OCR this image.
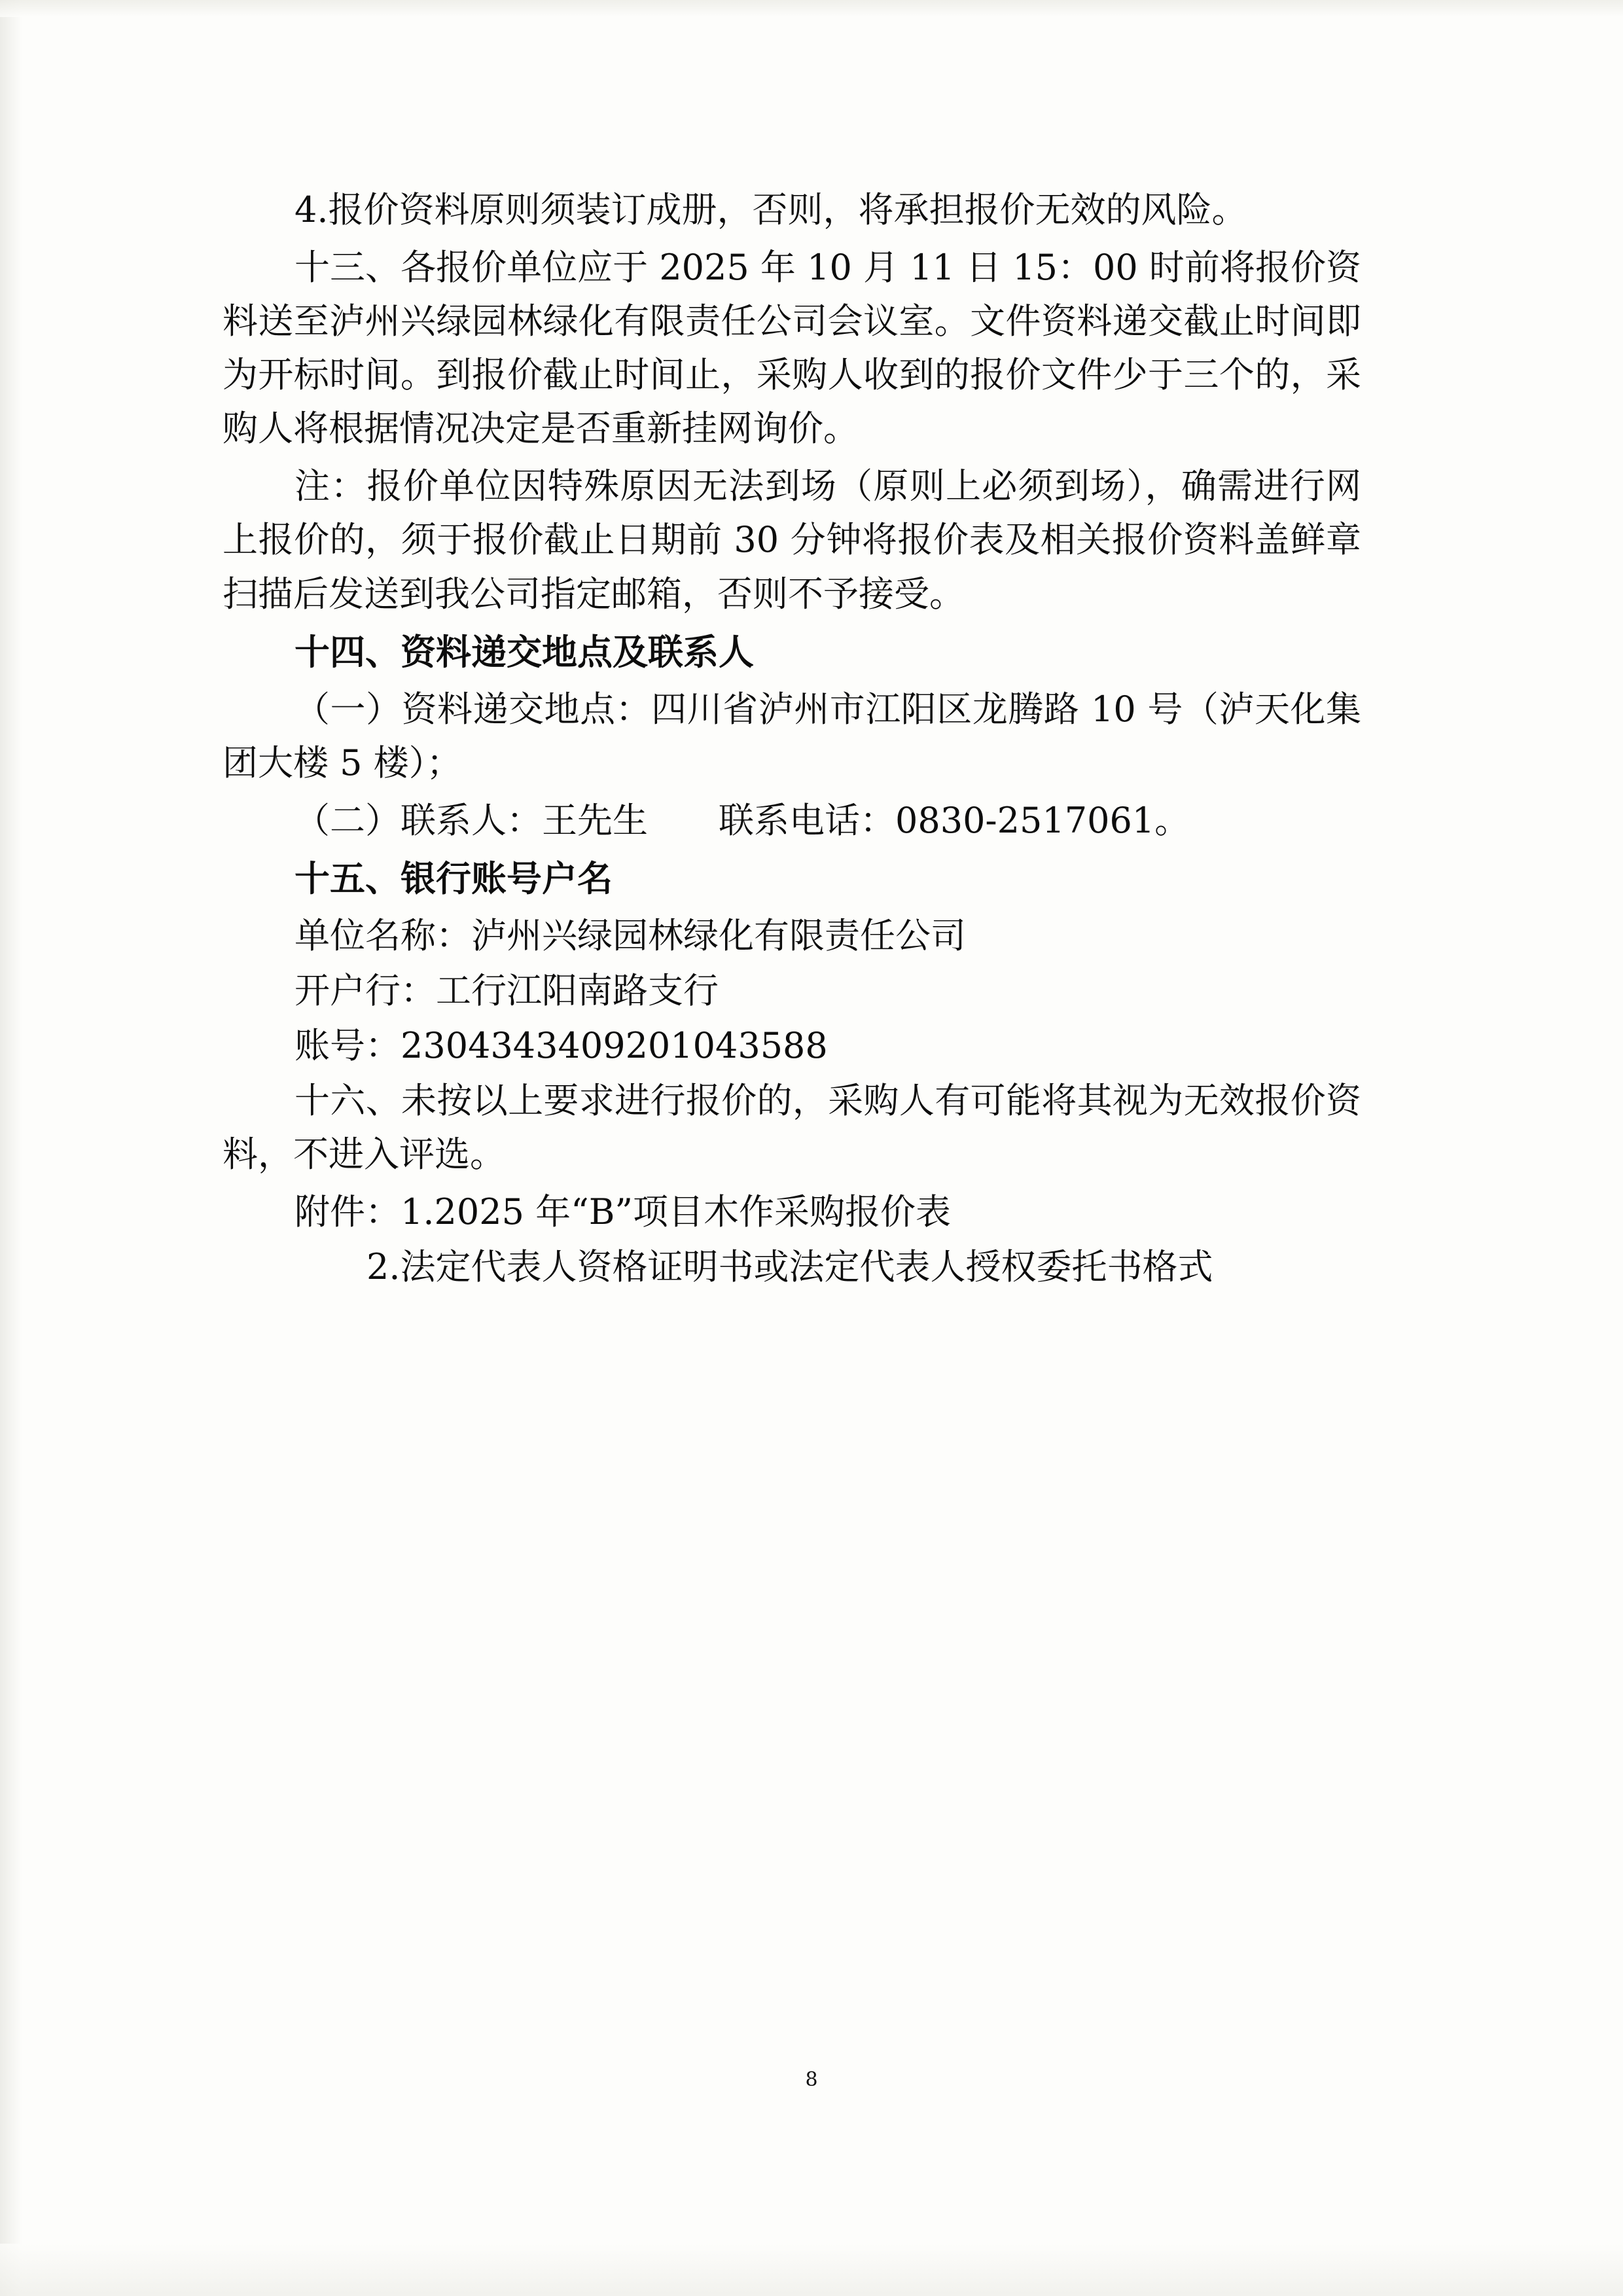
4.报价资料原则须装订成册，否则，将承担报价无效的风险。

十三、各报价单位应于 2025 年 10 月 11 日 15：00 时前将报价资料送至泸州兴绿园林绿化有限责任公司会议室。文件资料递交截止时间即为开标时间。到报价截止时间止，采购人收到的报价文件少于三个的，采购人将根据情况决定是否重新挂网询价。

注：报价单位因特殊原因无法到场（原则上必须到场），确需进行网上报价的，须于报价截止日期前 30 分钟将报价表及相关报价资料盖鲜章扫描后发送到我公司指定邮箱，否则不予接受。

十四、资料递交地点及联系人

（一）资料递交地点：四川省泸州市江阳区龙腾路 10 号（泸天化集团大楼 5 楼）；

（二）联系人：王先生　　联系电话：0830-2517061。

十五、银行账号户名

单位名称：泸州兴绿园林绿化有限责任公司

开户行：工行江阳南路支行

账号：2304343409201043588

十六、未按以上要求进行报价的，采购人有可能将其视为无效报价资料，不进入评选。

附件：1.2025 年“B”项目木作采购报价表

2.法定代表人资格证明书或法定代表人授权委托书格式

8
